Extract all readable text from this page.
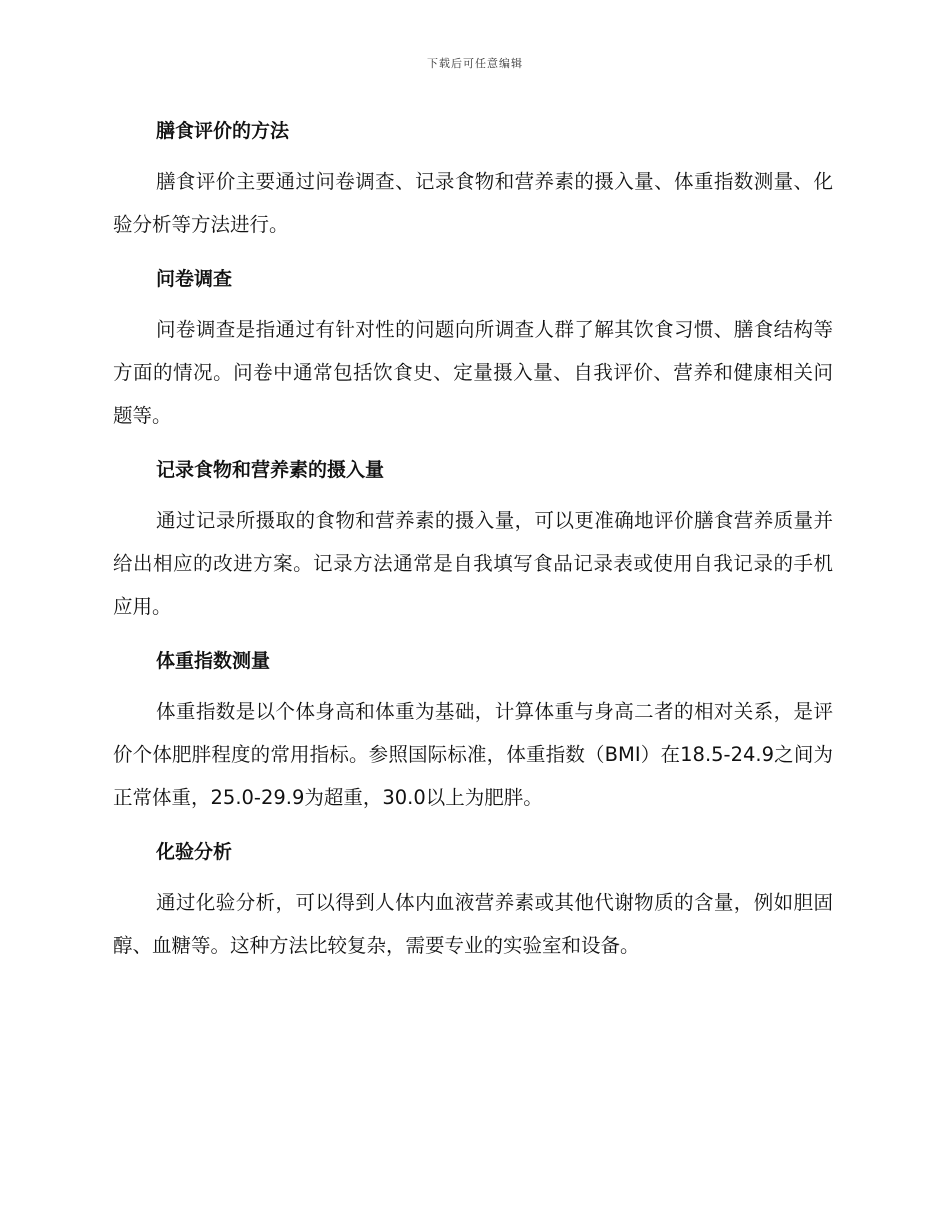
下载后可任意编辑
膳食评价的方法

膳食评价主要通过问卷调查、记录食物和营养素的摄入量、体重指数测量、化验分析等方法进行。

问卷调查

问卷调查是指通过有针对性的问题向所调查人群了解其饮食习惯、膳食结构等方面的情况。问卷中通常包括饮食史、定量摄入量、自我评价、营养和健康相关问题等。

记录食物和营养素的摄入量

通过记录所摄取的食物和营养素的摄入量，可以更准确地评价膳食营养质量并给出相应的改进方案。记录方法通常是自我填写食品记录表或使用自我记录的手机应用。

体重指数测量

体重指数是以个体身高和体重为基础，计算体重与身高二者的相对关系，是评价个体肥胖程度的常用指标。参照国际标准，体重指数（BMI）在18.5-24.9之间为正常体重，25.0-29.9为超重，30.0以上为肥胖。

化验分析

通过化验分析，可以得到人体内血液营养素或其他代谢物质的含量，例如胆固醇、血糖等。这种方法比较复杂，需要专业的实验室和设备。
